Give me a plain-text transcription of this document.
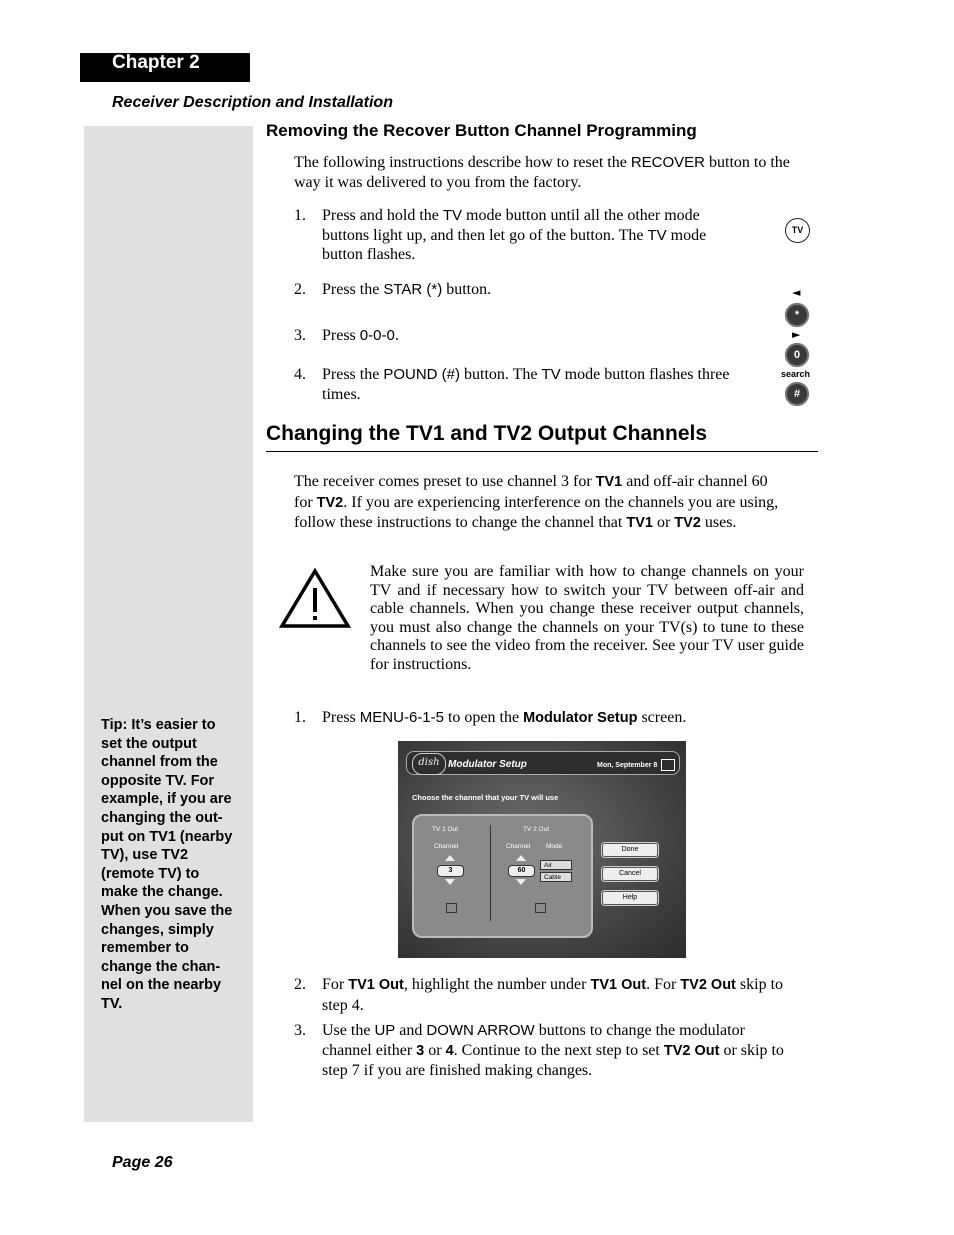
Chapter 2
Receiver Description and Installation
Tip: It’s easier to
set the output
channel from the
opposite TV. For
example, if you are
changing the out-
put on TV1 (nearby
TV), use TV2
(remote TV) to
make the change.
When you save the
changes, simply
remember to
change the chan-
nel on the nearby
TV.
Removing the Recover Button Channel Programming
The following instructions describe how to reset the RECOVER button to the way it was delivered to you from the factory.
1. Press and hold the TV mode button until all the other mode
buttons light up, and then let go of the button. The TV mode
button flashes.
2. Press the STAR (*) button.
3. Press 0-0-0.
4. Press the POUND (#) button. The TV mode button flashes three
times.
TV
◄
*
►
0
search
#
Changing the TV1 and TV2 Output Channels
The receiver comes preset to use channel 3 for TV1 and off-air channel 60
for TV2. If you are experiencing interference on the channels you are using,
follow these instructions to change the channel that TV1 or TV2 uses.
Make sure you are familiar with how to change channels on your TV and if necessary how to switch your TV between off-air and cable channels. When you change these receiver output channels, you must also change the channels on your TV(s) to tune to these channels to see the video from the receiver. See your TV user guide for instructions.
1. Press MENU-6-1-5 to open the Modulator Setup screen.
dish Modulator Setup	Mon, September 8
Choose the channel that your TV will use
TV 1 Out	TV 2 Out
Channel	Channel Mode
3	60
Air
Cable
Done
Cancel
Help
2. For TV1 Out, highlight the number under TV1 Out. For TV2 Out skip to
step 4.
3. Use the UP and DOWN ARROW buttons to change the modulator
channel either 3 or 4. Continue to the next step to set TV2 Out or skip to
step 7 if you are finished making changes.
Page 26
